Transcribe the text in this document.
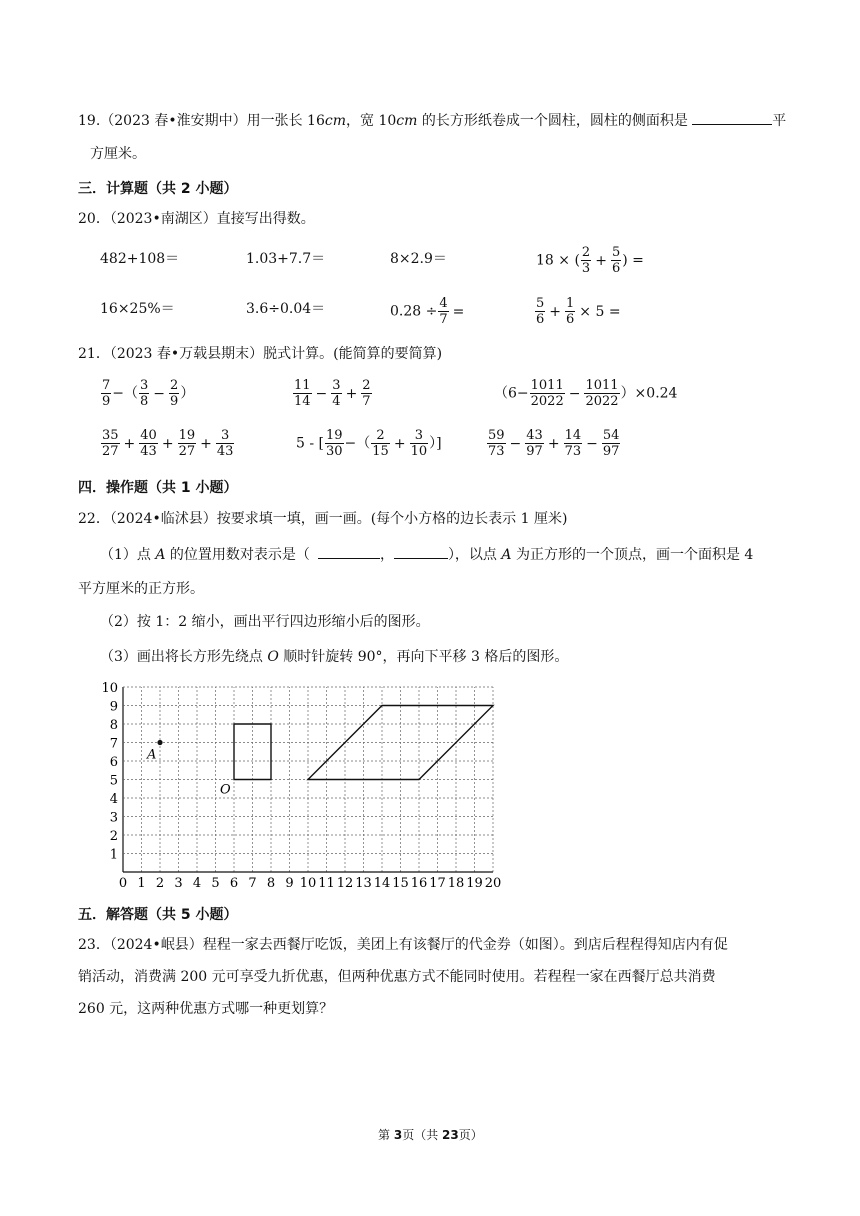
19.（2023 春•淮安期中）用一张长 16cm，宽 10cm 的长方形纸卷成一个圆柱，圆柱的侧面积是	平
方厘米。
三．计算题（共 2 小题）
20．（2023•南湖区）直接写出得数。
482+108＝	1.03+7.7＝	8×2.9＝	18 × ( $\frac{2}{3} + \frac{5}{6}$ ) =
16×25%＝	3.6÷0.04＝	$0.28 \div \frac{4}{7}$ =	$\frac{5}{6} + \frac{1}{6} \times 5$ =
21．（2023 春•万载县期末）脱式计算。(能简算的要简算)
$\frac{7}{9}$ −（ $\frac{3}{8} - \frac{2}{9}$ ）	$\frac{11}{14} - \frac{3}{4} + \frac{2}{7}$	$(6- \frac{1011}{2022} - \frac{1011}{2022} )\times 0.24$
$\frac{35}{27} + \frac{40}{43} + \frac{19}{27} + \frac{3}{43}$	5 - [ $\frac{19}{30}$ −（ $\frac{2}{15} + \frac{3}{10}$ ）]	$\frac{59}{73} - \frac{43}{97} + \frac{14}{73} - \frac{54}{97}$
四．操作题（共 1 小题）
22．（2024•临沭县）按要求填一填，画一画。(每个小方格的边长表示 1 厘米)
（1）点 A 的位置用数对表示是（	，	），以点 A 为正方形的一个顶点，画一个面积是 4
平方厘米的正方形。
（2）按 1：2 缩小，画出平行四边形缩小后的图形。
（3）画出将长方形先绕点 O 顺时针旋转 90°，再向下平移 3 格后的图形。
0 1 2 3 4 5 6 7 8 9 10 11 12 13 14 15 16 17 18 19 20
1
2
3
4
5
6
7
8
9
10
A
O
五．解答题（共 5 小题）
23．（2024•岷县）程程一家去西餐厅吃饭，美团上有该餐厅的代金券（如图）。到店后程程得知店内有促
销活动，消费满 200 元可享受九折优惠，但两种优惠方式不能同时使用。若程程一家在西餐厅总共消费
260 元，这两种优惠方式哪一种更划算？
第 3页（共 23页）
